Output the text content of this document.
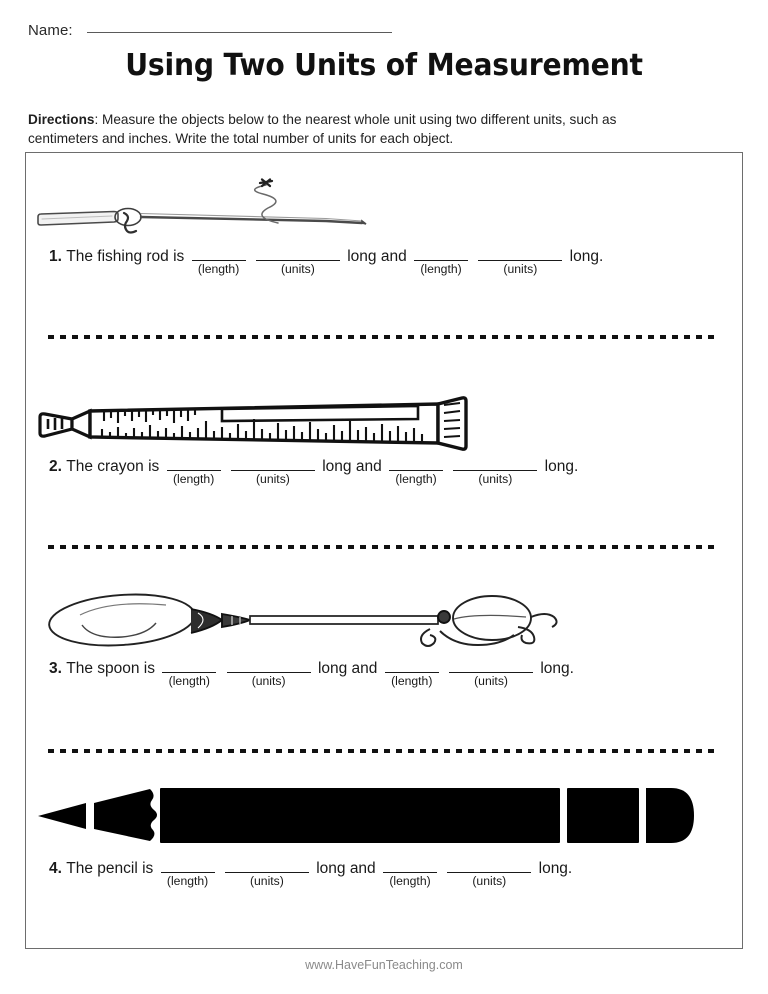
Name:
Using Two Units of Measurement
Directions: Measure the objects below to the nearest whole unit using two different units, such as centimeters and inches. Write the total number of units for each object.
1. The fishing rod is
(length)
	(units)
long and
(length)
	(units)
long.
2. The crayon is
(length)
	(units)
long and
(length)
	(units)
long.
3. The spoon is
(length)
	(units)
long and
(length)
	(units)
long.
4. The pencil is
(length)
	(units)
long and
(length)
	(units)
long.
www.HaveFunTeaching.com
